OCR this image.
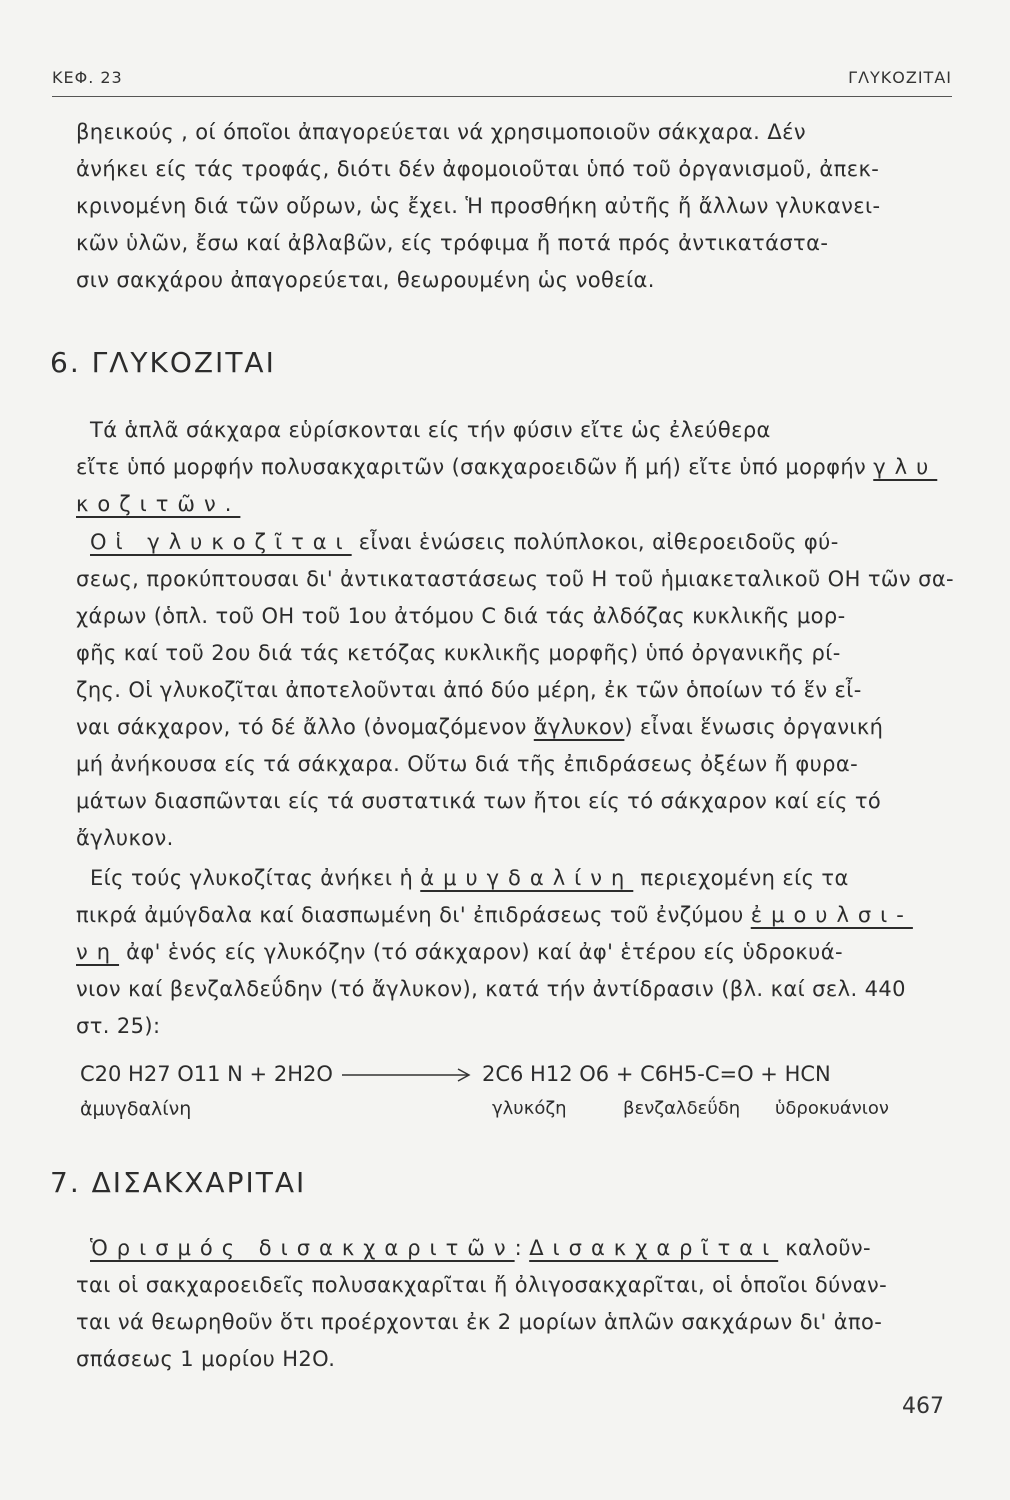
ΚΕΦ. 23	ΓΛΥΚΟΖΙΤΑΙ
βηεικούς , οί όποῖοι ἀπαγορεύεται νά χρησιμοποιοῦν σάκχαρα. Δέν
ἀνήκει είς τάς τροφάς, διότι δέν ἀφομοιοῦται ὑπό τοῦ ὀργανισμοῦ, ἀπεκ-
κρινομένη διά τῶν οὔρων, ὡς ἔχει. Ἡ προσθήκη αὐτῆς ἤ ἄλλων γλυκανει-
κῶν ὑλῶν, ἔσω καί ἀβλαβῶν, είς τρόφιμα ἤ ποτά πρός ἀντικατάστα-
σιν σακχάρου ἀπαγορεύεται, θεωρουμένη ὡς νοθεία.
6. ΓΛΥΚΟΖΙΤΑΙ
Τά ἁπλᾶ σάκχαρα εὑρίσκονται είς τήν φύσιν εἴτε ὡς ἐλεύθερα
εἴτε ὑπό μορφήν πολυσακχαριτῶν (σακχαροειδῶν ἤ μή) εἴτε ὑπό μορφήν γλυ
κοζιτῶν.
Οἱ γλυκοζῖται εἶναι ἑνώσεις πολύπλοκοι, αἰθεροειδοῦς φύ-
σεως, προκύπτουσαι δι' ἀντικαταστάσεως τοῦ Η τοῦ ἡμιακεταλικοῦ ΟΗ τῶν σα-
χάρων (ὁπλ. τοῦ ΟΗ τοῦ 1ου ἀτόμου C διά τάς ἀλδόζας κυκλικῆς μορ-
φῆς καί τοῦ 2ου διά τάς κετόζας κυκλικῆς μορφῆς) ὑπό ὀργανικῆς ρί-
ζης. Οἱ γλυκοζῖται ἀποτελοῦνται ἀπό δύο μέρη, ἐκ τῶν ὁποίων τό ἕν εἶ-
ναι σάκχαρον, τό δέ ἄλλο (ὀνομαζόμενον ἄγλυκον) εἶναι ἕνωσις ὀργανική
μή ἀνήκουσα είς τά σάκχαρα. Οὕτω διά τῆς ἐπιδράσεως ὀξέων ἤ φυρα-
μάτων διασπῶνται είς τά συστατικά των ἤτοι είς τό σάκχαρον καί είς τό
ἄγλυκον.
Είς τούς γλυκοζίτας ἀνήκει ἡ ἀμυγδαλίνη περιεχομένη είς τα
πικρά ἀμύγδαλα καί διασπωμένη δι' ἐπιδράσεως τοῦ ἐνζύμου ἐμουλσι-
νη ἀφ' ἑνός είς γλυκόζην (τό σάκχαρον) καί ἀφ' ἑτέρου είς ὑδροκυά-
νιον καί βενζαλδεΰδην (τό ἄγλυκον), κατά τήν ἀντίδρασιν (βλ. καί σελ. 440
στ. 25):
C20 H27 O11 N + 2H2O	2C6 H12 O6 + C6H5-C=O + HCN
ἀμυγδαλίνη	γλυκόζη	βενζαλδεΰδη ὑδροκυάνιον
7. ΔΙΣΑΚΧΑΡΙΤΑΙ
Ὁρισμός δισακχαριτῶν: Δισακχαρῖται καλοῦν-
ται οἱ σακχαροειδεῖς πολυσακχαρῖται ἤ ὀλιγοσακχαρῖται, οἱ ὁποῖοι δύναν-
ται νά θεωρηθοῦν ὅτι προέρχονται ἐκ 2 μορίων ἁπλῶν σακχάρων δι' ἀπο-
σπάσεως 1 μορίου H2O.
467
